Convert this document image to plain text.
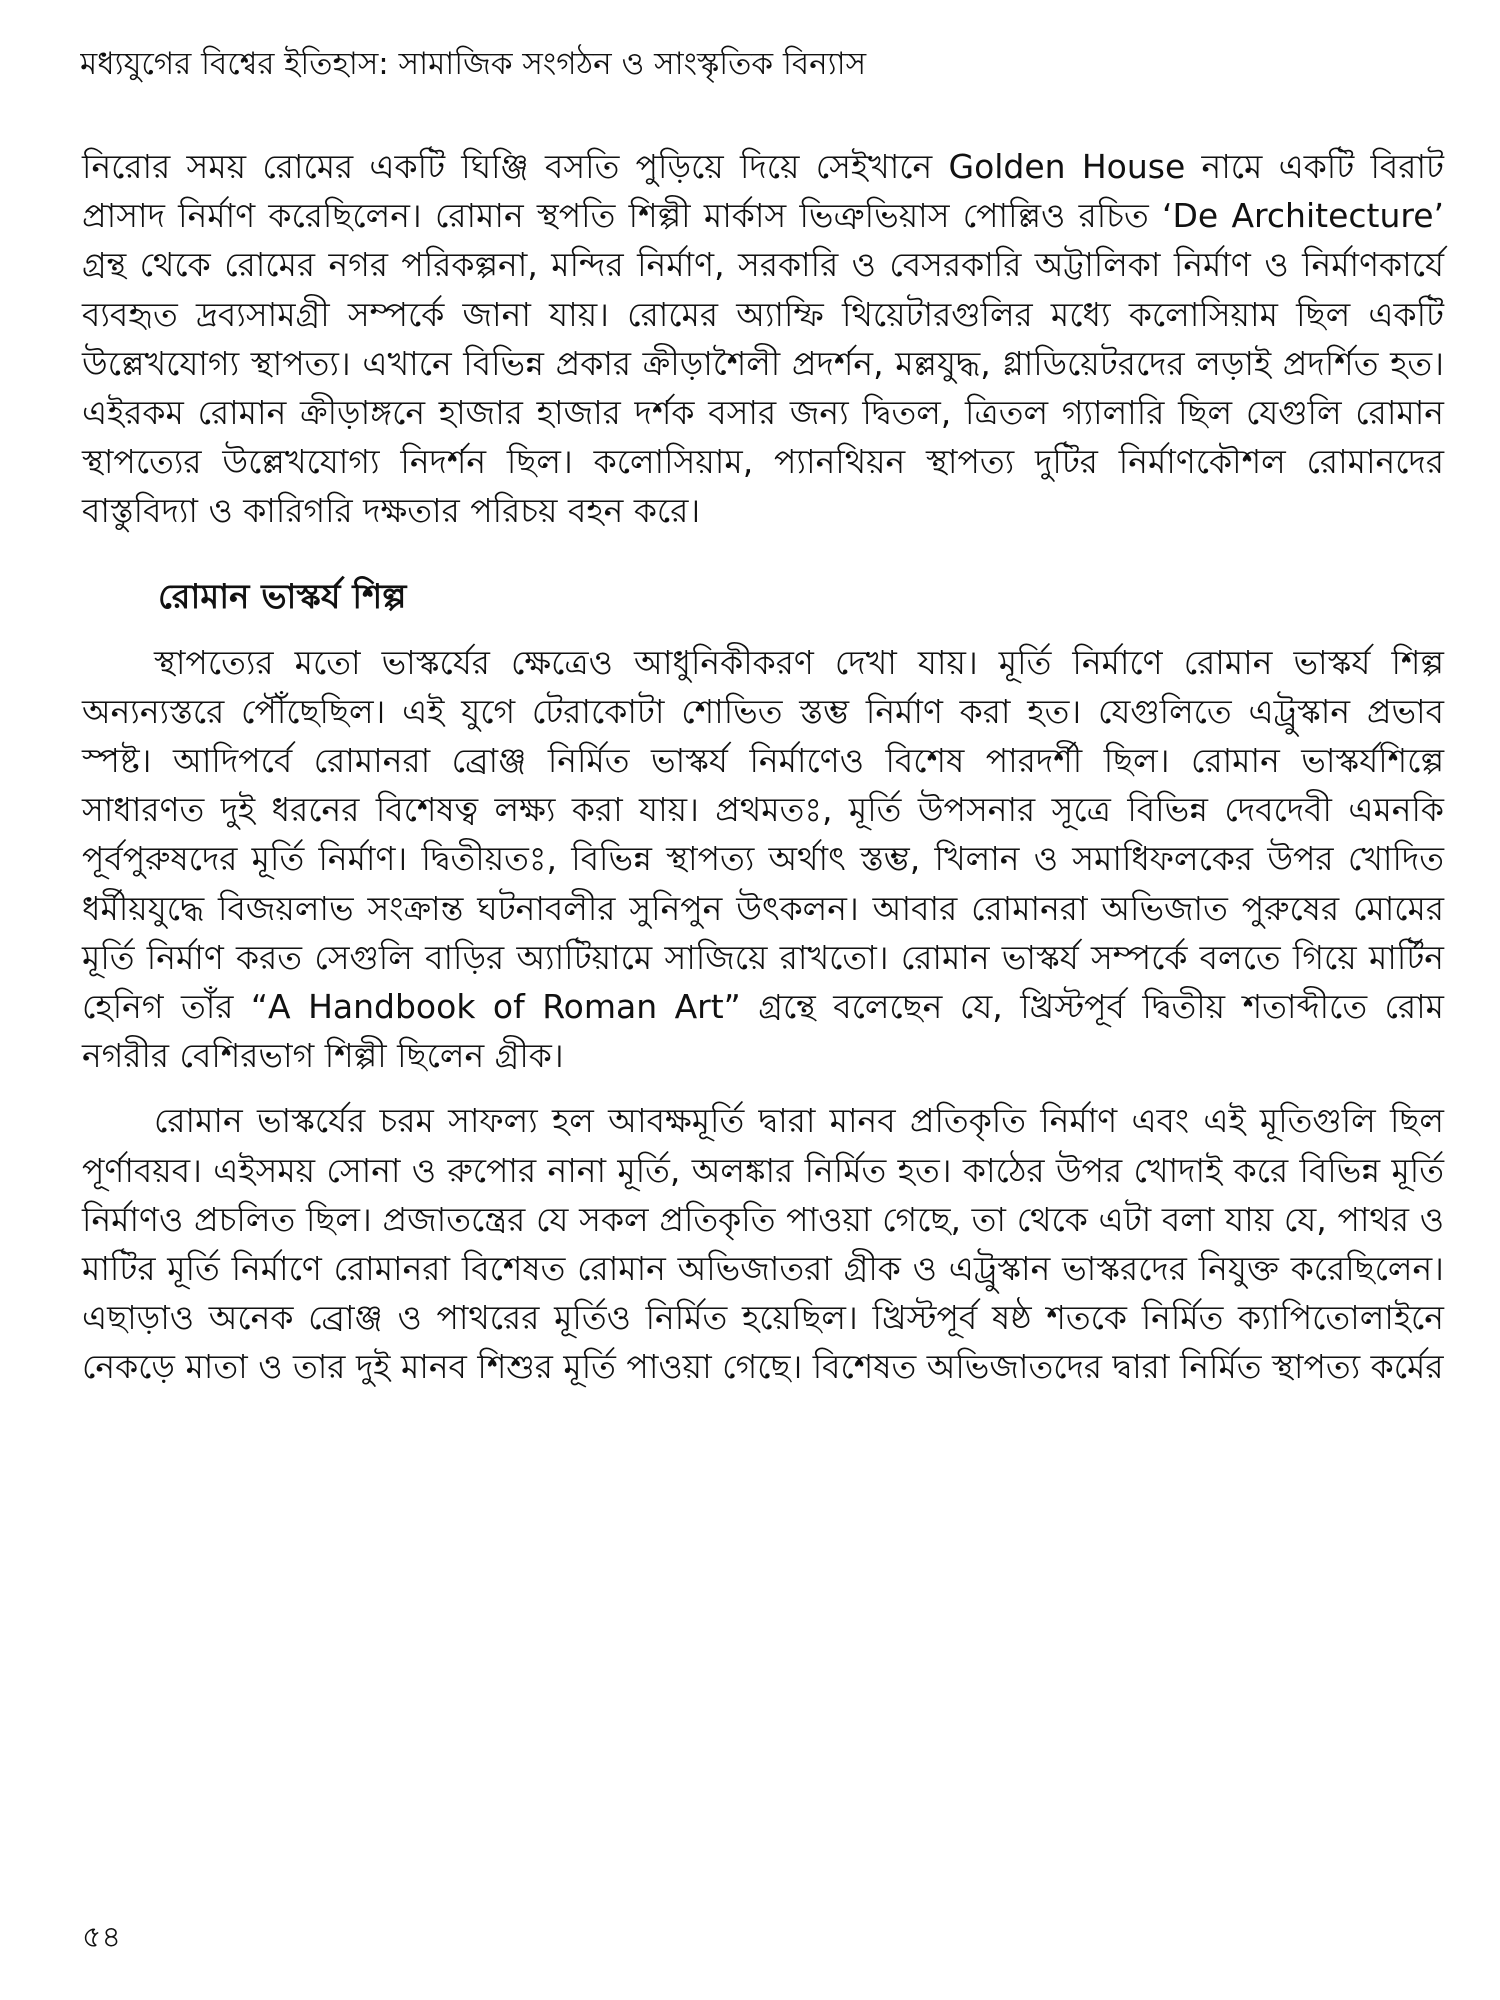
মধ্যযুগের বিশ্বের ইতিহাস: সামাজিক সংগঠন ও সাংস্কৃতিক বিন্যাস

নিরোর সময় রোমের একটি ঘিঞ্জি বসতি পুড়িয়ে দিয়ে সেইখানে Golden House নামে একটি বিরাট প্রাসাদ নির্মাণ করেছিলেন। রোমান স্থপতি শিল্পী মার্কাস ভিত্রুভিয়াস পোল্লিও রচিত ‘De Architecture’ গ্রন্থ থেকে রোমের নগর পরিকল্পনা, মন্দির নির্মাণ, সরকারি ও বেসরকারি অট্টালিকা নির্মাণ ও নির্মাণকার্যে ব্যবহৃত দ্রব্যসামগ্রী সম্পর্কে জানা যায়। রোমের অ্যাম্ফি থিয়েটারগুলির মধ্যে কলোসিয়াম ছিল একটি উল্লেখযোগ্য স্থাপত্য। এখানে বিভিন্ন প্রকার ক্রীড়াশৈলী প্রদর্শন, মল্লযুদ্ধ, গ্লাডিয়েটরদের লড়াই প্রদর্শিত হত। এইরকম রোমান ক্রীড়াঙ্গনে হাজার হাজার দর্শক বসার জন্য দ্বিতল, ত্রিতল গ্যালারি ছিল যেগুলি রোমান স্থাপত্যের উল্লেখযোগ্য নিদর্শন ছিল। কলোসিয়াম, প্যানথিয়ন স্থাপত্য দুটির নির্মাণকৌশল রোমানদের বাস্তুবিদ্যা ও কারিগরি দক্ষতার পরিচয় বহন করে।

রোমান ভাস্কর্য শিল্প

স্থাপত্যের মতো ভাস্কর্যের ক্ষেত্রেও আধুনিকীকরণ দেখা যায়। মূর্তি নির্মাণে রোমান ভাস্কর্য শিল্প অন্যন্যস্তরে পৌঁছেছিল। এই যুগে টেরাকোটা শোভিত স্তম্ভ নির্মাণ করা হত। যেগুলিতে এট্রুস্কান প্রভাব স্পষ্ট। আদিপর্বে রোমানরা ব্রোঞ্জ নির্মিত ভাস্কর্য নির্মাণেও বিশেষ পারদর্শী ছিল। রোমান ভাস্কর্যশিল্পে সাধারণত দুই ধরনের বিশেষত্ব লক্ষ্য করা যায়। প্রথমতঃ, মূর্তি উপসনার সূত্রে বিভিন্ন দেবদেবী এমনকি পূর্বপুরুষদের মূর্তি নির্মাণ। দ্বিতীয়তঃ, বিভিন্ন স্থাপত্য অর্থাৎ স্তম্ভ, খিলান ও সমাধিফলকের উপর খোদিত ধর্মীয়যুদ্ধে বিজয়লাভ সংক্রান্ত ঘটনাবলীর সুনিপুন উৎকলন। আবার রোমানরা অভিজাত পুরুষের মোমের মূর্তি নির্মাণ করত সেগুলি বাড়ির অ্যাটিয়ামে সাজিয়ে রাখতো। রোমান ভাস্কর্য সম্পর্কে বলতে গিয়ে মার্টিন হেনিগ তাঁর “A Handbook of Roman Art” গ্রন্থে বলেছেন যে, খ্রিস্টপূর্ব দ্বিতীয় শতাব্দীতে রোম নগরীর বেশিরভাগ শিল্পী ছিলেন গ্রীক।

রোমান ভাস্কর্যের চরম সাফল্য হল আবক্ষমূর্তি দ্বারা মানব প্রতিকৃতি নির্মাণ এবং এই মূতিগুলি ছিল পূর্ণাবয়ব। এইসময় সোনা ও রুপোর নানা মূর্তি, অলঙ্কার নির্মিত হত। কাঠের উপর খোদাই করে বিভিন্ন মূর্তি নির্মাণও প্রচলিত ছিল। প্রজাতন্ত্রের যে সকল প্রতিকৃতি পাওয়া গেছে, তা থেকে এটা বলা যায় যে, পাথর ও মাটির মূর্তি নির্মাণে রোমানরা বিশেষত রোমান অভিজাতরা গ্রীক ও এট্রুস্কান ভাস্করদের নিযুক্ত করেছিলেন। এছাড়াও অনেক ব্রোঞ্জ ও পাথরের মূর্তিও নির্মিত হয়েছিল। খ্রিস্টপূর্ব ষষ্ঠ শতকে নির্মিত ক্যাপিতোলাইনে নেকড়ে মাতা ও তার দুই মানব শিশুর মূর্তি পাওয়া গেছে। বিশেষত অভিজাতদের দ্বারা নির্মিত স্থাপত্য কর্মের

৫৪
